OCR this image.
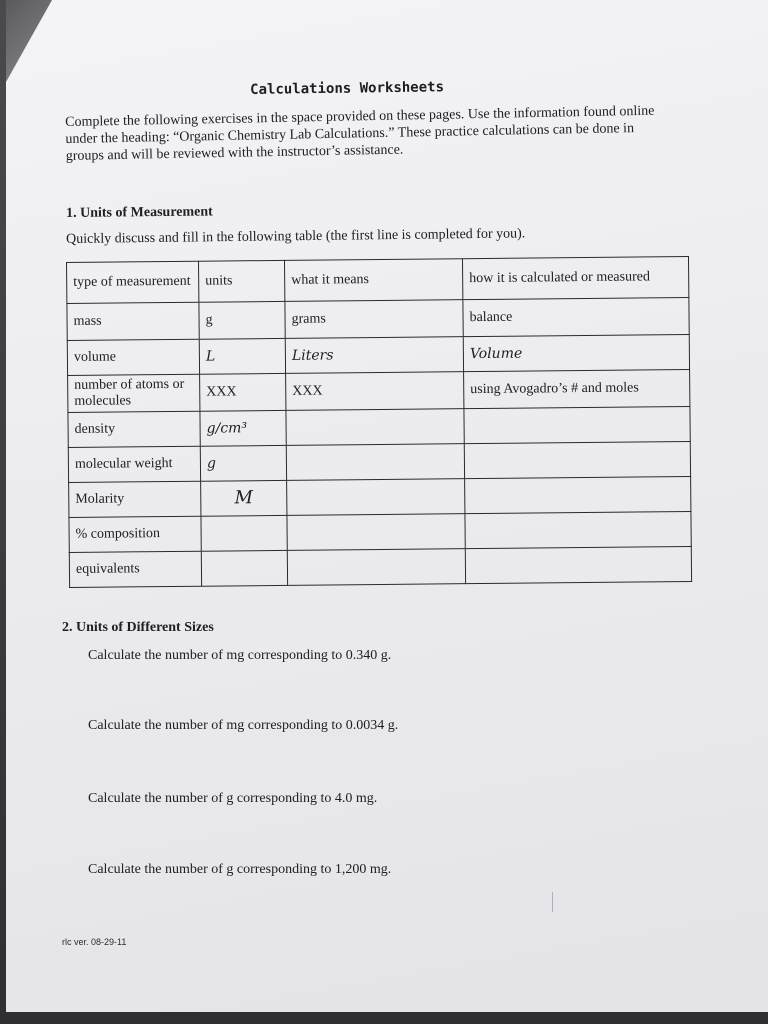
Calculations Worksheets
Complete the following exercises in the space provided on these pages. Use the information found online under the heading: “Organic Chemistry Lab Calculations.” These practice calculations can be done in groups and will be reviewed with the instructor’s assistance.
1. Units of Measurement
Quickly discuss and fill in the following table (the first line is completed for you).
type of measurement	units	what it means	how it is calculated or measured
mass	g	grams	balance
volume	L	Liters	Volume
number of atoms or molecules	XXX	XXX	using Avogadro’s # and moles
density	g/cm³		
molecular weight	g		
Molarity	M		
% composition			
equivalents			
2. Units of Different Sizes
Calculate the number of mg corresponding to 0.340 g.
Calculate the number of mg corresponding to 0.0034 g.
Calculate the number of g corresponding to 4.0 mg.
Calculate the number of g corresponding to 1,200 mg.
rlc ver. 08-29-11
